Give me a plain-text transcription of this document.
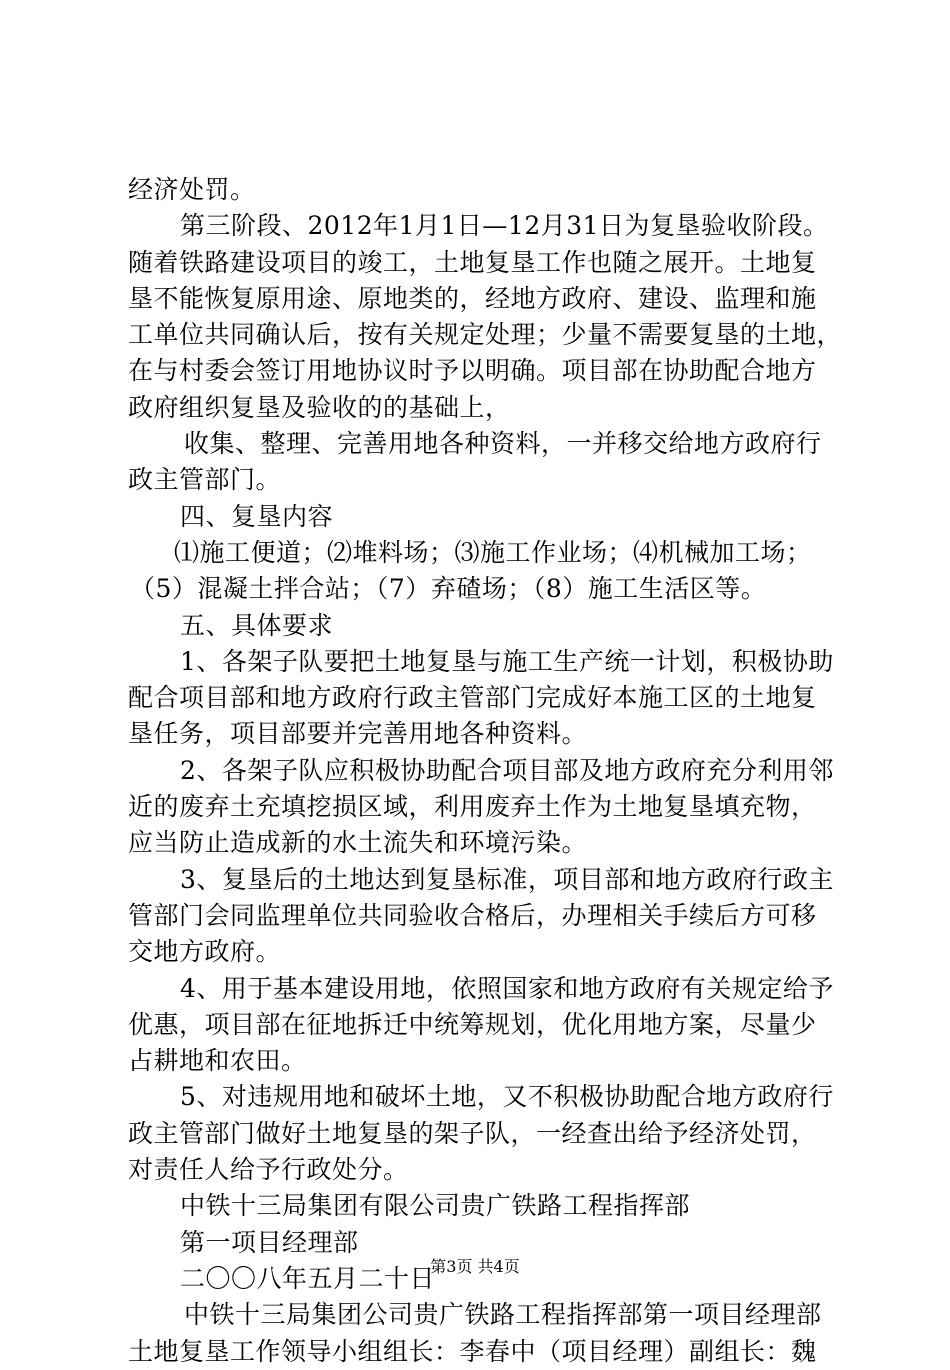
经济处罚。
第三阶段、2012年1月1日—12月31日为复垦验收阶段。
随着铁路建设项目的竣工，土地复垦工作也随之展开。土地复
垦不能恢复原用途、原地类的，经地方政府、建设、监理和施
工单位共同确认后，按有关规定处理；少量不需要复垦的土地，
在与村委会签订用地协议时予以明确。项目部在协助配合地方
政府组织复垦及验收的的基础上，
收集、整理、完善用地各种资料，一并移交给地方政府行
政主管部门。
四、复垦内容
⑴施工便道；⑵堆料场；⑶施工作业场；⑷机械加工场；
（5）混凝土拌合站；（7）弃碴场；（8）施工生活区等。
五、具体要求
1、各架子队要把土地复垦与施工生产统一计划，积极协助
配合项目部和地方政府行政主管部门完成好本施工区的土地复
垦任务，项目部要并完善用地各种资料。
2、各架子队应积极协助配合项目部及地方政府充分利用邻
近的废弃土充填挖损区域，利用废弃土作为土地复垦填充物，
应当防止造成新的水土流失和环境污染。
3、复垦后的土地达到复垦标准，项目部和地方政府行政主
管部门会同监理单位共同验收合格后，办理相关手续后方可移
交地方政府。
4、用于基本建设用地，依照国家和地方政府有关规定给予
优惠，项目部在征地拆迁中统筹规划，优化用地方案，尽量少
占耕地和农田。
5、对违规用地和破坏土地，又不积极协助配合地方政府行
政主管部门做好土地复垦的架子队，一经查出给予经济处罚，
对责任人给予行政处分。
中铁十三局集团有限公司贵广铁路工程指挥部
第一项目经理部
二〇〇八年五月二十日
中铁十三局集团公司贵广铁路工程指挥部第一项目经理部
土地复垦工作领导小组组长：李春中（项目经理）副组长：魏
第3页 共4页
